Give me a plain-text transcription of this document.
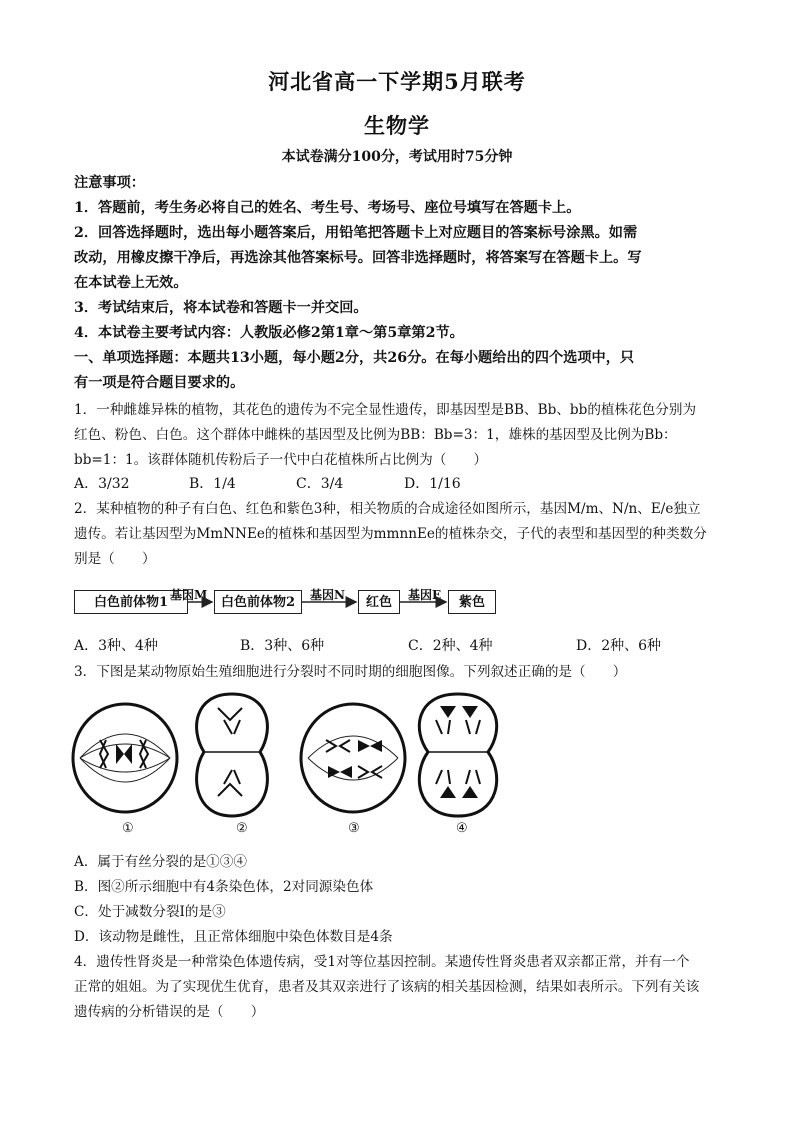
河北省高一下学期5月联考
生物学
本试卷满分100分，考试用时75分钟
注意事项：
1．答题前，考生务必将自己的姓名、考生号、考场号、座位号填写在答题卡上。
2．回答选择题时，选出每小题答案后，用铅笔把答题卡上对应题目的答案标号涂黑。如需
改动，用橡皮擦干净后，再选涂其他答案标号。回答非选择题时，将答案写在答题卡上。写
在本试卷上无效。
3．考试结束后，将本试卷和答题卡一并交回。
4．本试卷主要考试内容：人教版必修2第1章～第5章第2节。
一、单项选择题：本题共13小题，每小题2分，共26分。在每小题给出的四个选项中，只
有一项是符合题目要求的。
1．一种雌雄异株的植物，其花色的遗传为不完全显性遗传，即基因型是BB、Bb、bb的植株花色分别为
红色、粉色、白色。这个群体中雌株的基因型及比例为BB：Bb=3：1，雄株的基因型及比例为Bb：
bb=1：1。该群体随机传粉后子一代中白花植株所占比例为（　　）
A．3/32	B．1/4	C．3/4	D．1/16
2．某种植物的种子有白色、红色和紫色3种，相关物质的合成途径如图所示，基因M/m、N/n、E/e独立
遗传。若让基因型为MmNNEe的植株和基因型为mmnnEe的植株杂交，子代的表型和基因型的种类数分
别是（　　）
白色前体物1	白色前体物2	红色	紫色
基因M	基因N	基因E
A．3种、4种	B．3种、6种	C．2种、4种	D．2种、6种
3．下图是某动物原始生殖细胞进行分裂时不同时期的细胞图像。下列叙述正确的是（　　）
①	②	③	④
A．属于有丝分裂的是①③④
B．图②所示细胞中有4条染色体，2对同源染色体
C．处于减数分裂Ⅰ的是③
D．该动物是雌性，且正常体细胞中染色体数目是4条
4．遗传性肾炎是一种常染色体遗传病，受1对等位基因控制。某遗传性肾炎患者双亲都正常，并有一个
正常的姐姐。为了实现优生优育，患者及其双亲进行了该病的相关基因检测，结果如表所示。下列有关该
遗传病的分析错误的是（　　）
